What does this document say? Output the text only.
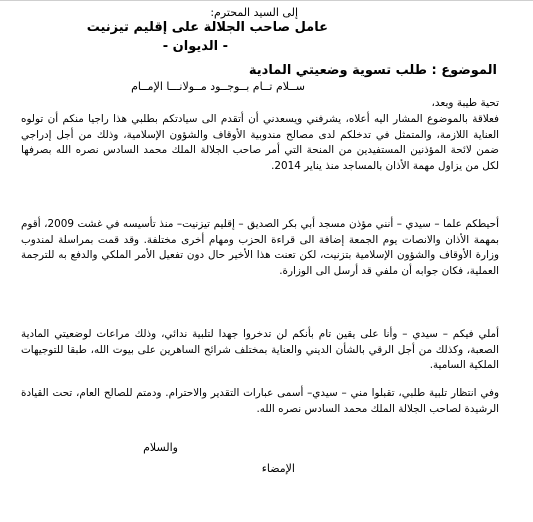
إلى السيد المحترم:
عامل صاحب الجلالة على إقليم تيزنيت
- الديوان -
الموضوع : طلب تسوية وضعيتي المادية
ســلام تــام بــوجــود مــولانـــا الإمــام
تحية طيبة وبعد،

فعلاقة بالموضوع المشار اليه أعلاه، يشرفني ويسعدني أن أتقدم الى سيادتكم بطلبي هذا راجيا منكم أن تولوه العناية اللازمة، والمتمثل في تدخلكم لدى مصالح مندوبية الأوقاف والشؤون الإسلامية، وذلك من أجل إدراجي ضمن لائحة المؤذنين المستفيدين من المنحة التي أمر صاحب الجلالة الملك محمد السادس نصره الله بصرفها لكل من يزاول مهمة الأذان بالمساجد منذ يناير 2014.

أحيطكم علما – سيدي – أنني مؤذن مسجد أبي بكر الصديق – إقليم تيزنيت– منذ تأسيسه في غشت 2009، أقوم بمهمة الأذان والانصات يوم الجمعة إضافة الى قراءة الحزب ومهام أخرى مختلفة. وقد قمت بمراسلة لمندوب وزارة الأوقاف والشؤون الإسلامية بتزنيت، لكن تعنت هذا الأخير حال دون تفعيل الأمر الملكي والدفع به للترجمة العملية، فكان جوابه أن ملفي قد أرسل الى الوزارة.

أملي فيكم – سيدي – وأنا على يقين تام بأنكم لن تدخروا جهدا لتلبية ندائي، وذلك مراعات لوضعيتي المادية الصعبة، وكذلك من أجل الرقي بالشأن الديني والعناية بمختلف شرائح الساهرين على بيوت الله، طبقا للتوجيهات الملكية السامية.

وفي انتظار تلبية طلبي، تقبلوا مني – سيدي– أسمى عبارات التقدير والاحترام. ودمتم للصالح العام، تحت القيادة الرشيدة لصاحب الجلالة الملك محمد السادس نصره الله.

والسلام
الإمضاء
